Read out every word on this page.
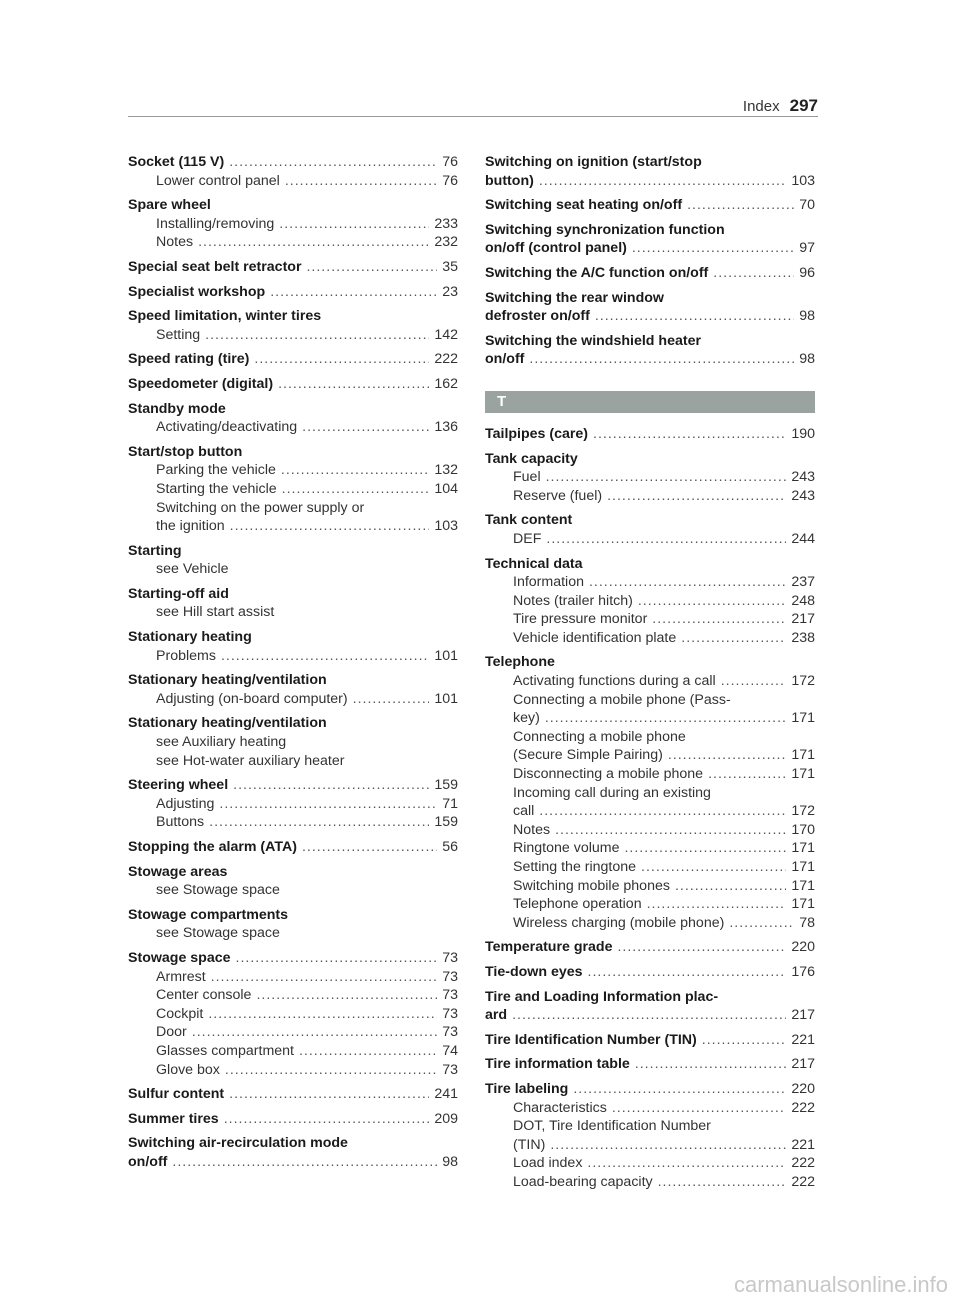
Index 297
Socket (115 V) .....	76
Lower control panel .....	76
Spare wheel
Installing/removing .....	233
Notes .....	232
Special seat belt retractor .....	35
Specialist workshop .....	23
Speed limitation, winter tires
Setting .....	142
Speed rating (tire) .....	222
Speedometer (digital) .....	162
Standby mode
Activating/deactivating .....	136
Start/stop button
Parking the vehicle .....	132
Starting the vehicle .....	104
Switching on the power supply or
the ignition .....	103
Starting
see Vehicle
Starting-off aid
see Hill start assist
Stationary heating
Problems .....	101
Stationary heating/ventilation
Adjusting (on-board computer) .....	101
Stationary heating/ventilation
see Auxiliary heating
see Hot-water auxiliary heater
Steering wheel .....	159
Adjusting .....	71
Buttons .....	159
Stopping the alarm (ATA) .....	56
Stowage areas
see Stowage space
Stowage compartments
see Stowage space
Stowage space .....	73
Armrest .....	73
Center console .....	73
Cockpit .....	73
Door .....	73
Glasses compartment .....	74
Glove box .....	73
Sulfur content .....	241
Summer tires .....	209
Switching air-recirculation mode
on/off .....	98
Switching on ignition (start/stop
button) .....	103
Switching seat heating on/off .....	70
Switching synchronization function
on/off (control panel) .....	97
Switching the A/C function on/off .....	96
Switching the rear window
defroster on/off .....	98
Switching the windshield heater
on/off .....	98
T
Tailpipes (care) .....	190
Tank capacity
Fuel .....	243
Reserve (fuel) .....	243
Tank content
DEF .....	244
Technical data
Information .....	237
Notes (trailer hitch) .....	248
Tire pressure monitor .....	217
Vehicle identification plate .....	238
Telephone
Activating functions during a call .....	172
Connecting a mobile phone (Pass-
key) .....	171
Connecting a mobile phone
(Secure Simple Pairing) .....	171
Disconnecting a mobile phone .....	171
Incoming call during an existing
call .....	172
Notes .....	170
Ringtone volume .....	171
Setting the ringtone .....	171
Switching mobile phones .....	171
Telephone operation .....	171
Wireless charging (mobile phone) .....	78
Temperature grade .....	220
Tie-down eyes .....	176
Tire and Loading Information plac-
ard .....	217
Tire Identification Number (TIN) .....	221
Tire information table .....	217
Tire labeling .....	220
Characteristics .....	222
DOT, Tire Identification Number
(TIN) .....	221
Load index .....	222
Load-bearing capacity .....	222
carmanualsonline.info
